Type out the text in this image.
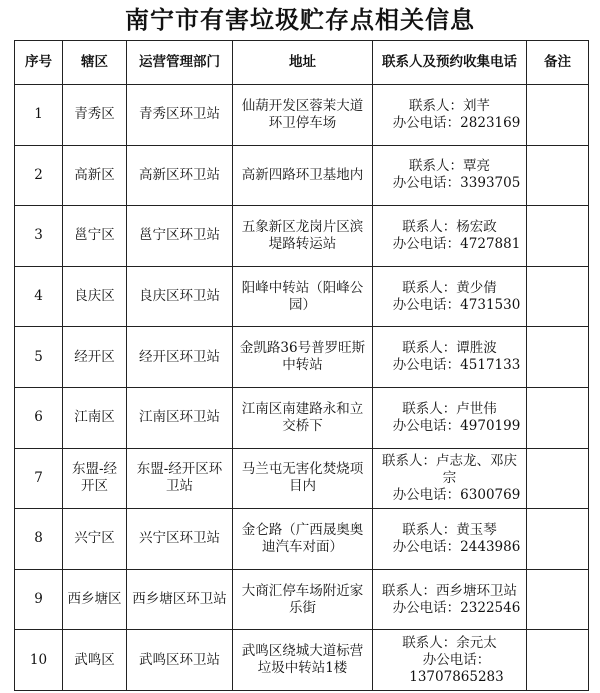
南宁市有害垃圾贮存点相关信息
序号	辖区	运营管理部门	地址	联系人及预约收集电话	备注
1	青秀区	青秀区环卫站	仙葫开发区蓉茉大道环卫停车场	联系人：刘芊
办公电话：2823169	

2	高新区	高新区环卫站	高新四路环卫基地内	联系人：覃亮
办公电话：3393705	

3	邕宁区	邕宁区环卫站	五象新区龙岗片区滨堤路转运站	联系人：杨宏政
办公电话：4727881	

4	良庆区	良庆区环卫站	阳峰中转站（阳峰公园）	联系人：黄少倩
办公电话：4731530	

5	经开区	经开区环卫站	金凯路36号普罗旺斯中转站	联系人：谭胜波
办公电话：4517133	

6	江南区	江南区环卫站	江南区南建路永和立交桥下	联系人：卢世伟
办公电话：4970199	

7	东盟-经开区	东盟-经开区环卫站	马兰屯无害化焚烧项目内	联系人：卢志龙、邓庆宗
办公电话：6300769	

8	兴宁区	兴宁区环卫站	金仑路（广西晟奥奥迪汽车对面）	联系人：黄玉琴
办公电话：2443986	

9	西乡塘区	西乡塘区环卫站	大商汇停车场附近家乐街	联系人：西乡塘环卫站
办公电话：2322546	

10	武鸣区	武鸣区环卫站	武鸣区绕城大道标营垃圾中转站1楼	联系人：余元太
办公电话：13707865283	
